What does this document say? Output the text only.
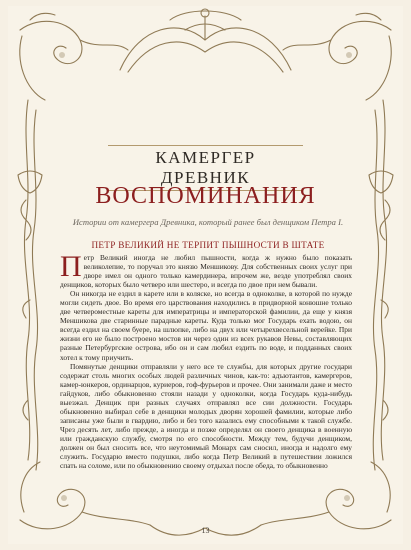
КАМЕРГЕР ДРЕВНИК
ВОСПОМИНАНИЯ
Истории от камергера Древника, который ранее был денщиком Петра I.
ПЕТР ВЕЛИКИЙ НЕ ТЕРПИТ ПЫШНОСТИ В ШТАТЕ

Петр Великий иногда не любил пышности, когда ж нужно было показать великолепие, то поручал это князю Меншикову. Для собственных своих услуг при дворе имел он одного только камердинера, впрочем же, везде употреблял своих денщиков, которых было четверо или шестеро, и всегда по двое при нем бывали.

Он никогда не ездил в карете или в коляске, но всегда в одноколке, в которой по нужде могли сидеть двое. Во время его царствования находились в придворной конюшне только две четвероместные кареты для императрицы и императорской фамилии, да еще у князя Меншикова две старинные парадные кареты. Куда только мог Государь ехать водою, он всегда ездил на своем буере, на шлюпке, либо на двух или четырехвесельной верейке. При жизни его не было построено мостов ни через один из всех рукавов Невы, составляющих разные Петербургские острова, ибо он и сам любил ездить по воде, и подданных своих хотел к тому приучить.

Помянутые денщики отправляли у него все те службы, для которых другие государи содержат столь многих особых людей различных чинов, как-то: адъютантов, камергеров, камер-юнкеров, ординарцов, куриеров, гоф-фурьеров и прочее. Они занимали даже и место гайдуков, либо обыкновенно стояли назади у одноколки, когда Государь куда-нибудь выезжал. Денщик при разных случаях отправлял все сии должности. Государь обыкновенно выбирал себе в денщики молодых дворян хорошей фамилии, которые либо записаны уже были в гвардию, либо и без того казались ему способными к такой службе. Чрез десять лет, либо прежде, а иногда и позже определял он своего денщика в военную или гражданскую службу, смотря по его способности. Между тем, будучи денщиком, должен он был сносить все, что неутомимый Монарх сам сносил, иногда и надолго ему служить. Государю вместо подушки, либо когда Петр Великий в путешествии ложился спать на соломе, или по обыкновению своему отдыхал после обеда, то обыкновенно

13
